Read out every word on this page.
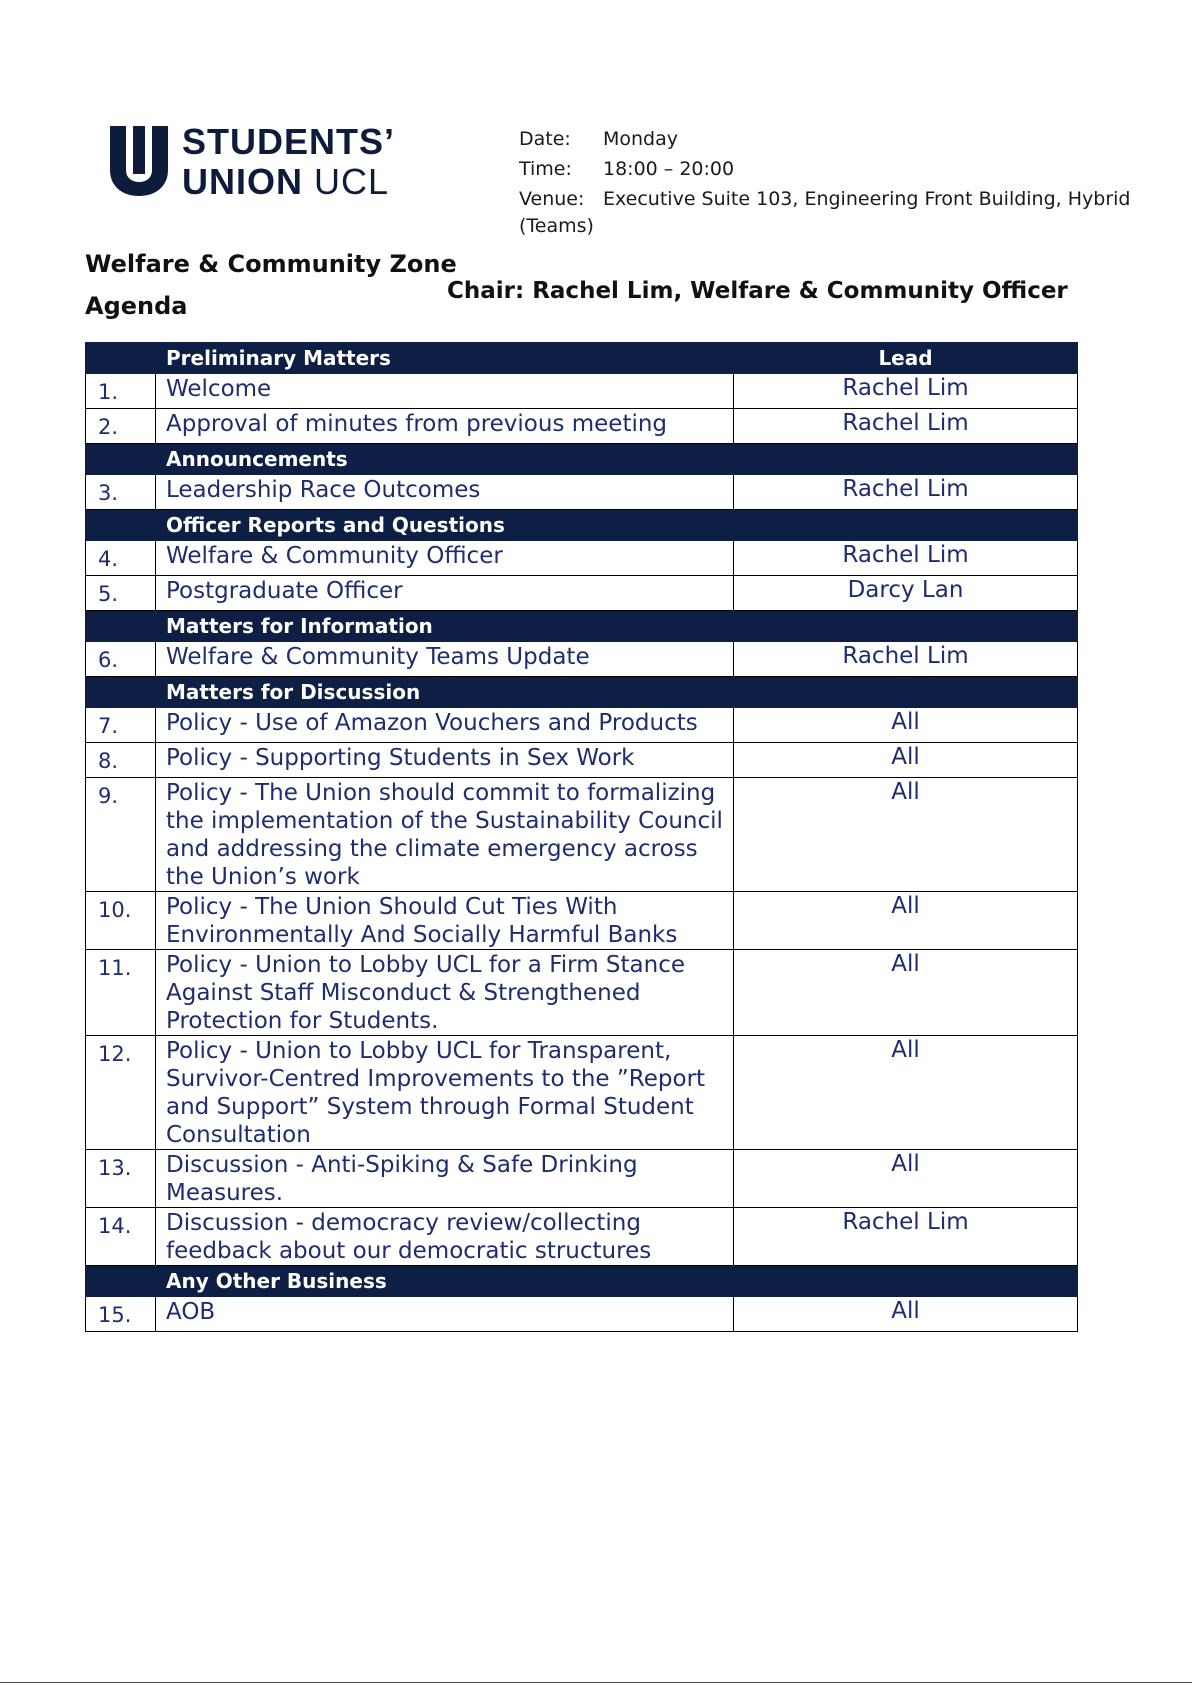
STUDENTS’
UNION UCL
Date: Monday
Time: 18:00 – 20:00
Venue: Executive Suite 103, Engineering Front Building, Hybrid
(Teams)
Welfare & Community Zone
Agenda
Chair: Rachel Lim, Welfare & Community Officer
	Preliminary Matters	Lead
1.	Welcome	Rachel Lim
2.	Approval of minutes from previous meeting	Rachel Lim
	Announcements	
3.	Leadership Race Outcomes	Rachel Lim
	Officer Reports and Questions	
4.	Welfare & Community Officer	Rachel Lim
5.	Postgraduate Officer	Darcy Lan
	Matters for Information	
6.	Welfare & Community Teams Update	Rachel Lim
	Matters for Discussion	
7.	Policy - Use of Amazon Vouchers and Products	All
8.	Policy - Supporting Students in Sex Work	All
9.	Policy - The Union should commit to formalizing the implementation of the Sustainability Council and addressing the climate emergency across the Union’s work	All
10.	Policy - The Union Should Cut Ties With Environmentally And Socially Harmful Banks	All
11.	Policy - Union to Lobby UCL for a Firm Stance Against Staff Misconduct & Strengthened Protection for Students.	All
12.	Policy - Union to Lobby UCL for Transparent, Survivor-Centred Improvements to the ”Report and Support” System through Formal Student Consultation	All
13.	Discussion - Anti-Spiking & Safe Drinking Measures.	All
14.	Discussion - democracy review/collecting feedback about our democratic structures	Rachel Lim
	Any Other Business	
15.	AOB	All
